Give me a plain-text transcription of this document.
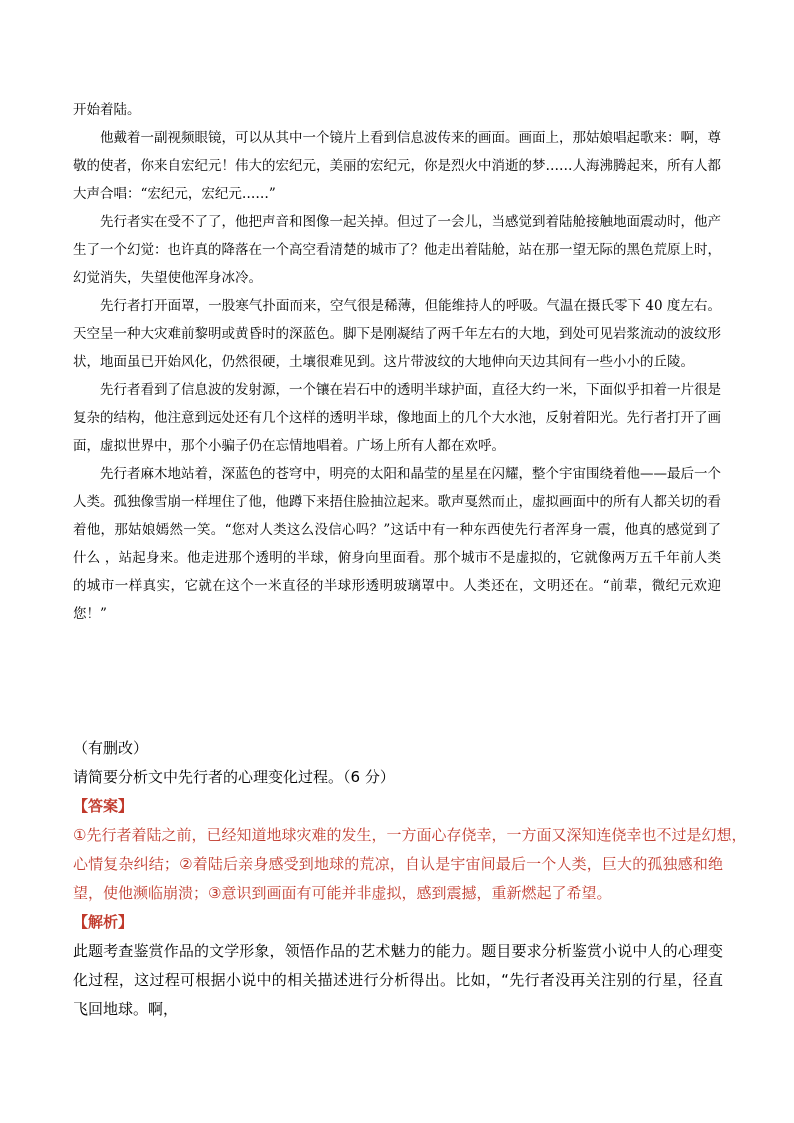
开始着陆。

他戴着一副视频眼镜，可以从其中一个镜片上看到信息波传来的画面。画面上，那姑娘唱起歌来：啊，尊敬的使者，你来自宏纪元！伟大的宏纪元，美丽的宏纪元，你是烈火中消逝的梦……人海沸腾起来，所有人都大声合唱：“宏纪元，宏纪元……”

先行者实在受不了了，他把声音和图像一起关掉。但过了一会儿，当感觉到着陆舱接触地面震动时，他产生了一个幻觉：也许真的降落在一个高空看清楚的城市了？他走出着陆舱，站在那一望无际的黑色荒原上时，幻觉消失，失望使他浑身冰冷。

先行者打开面罩，一股寒气扑面而来，空气很是稀薄，但能维持人的呼吸。气温在摄氏零下 40 度左右。天空呈一种大灾难前黎明或黄昏时的深蓝色。脚下是刚凝结了两千年左右的大地，到处可见岩浆流动的波纹形状，地面虽已开始风化，仍然很硬，土壤很难见到。这片带波纹的大地伸向天边其间有一些小小的丘陵。

先行者看到了信息波的发射源，一个镶在岩石中的透明半球护面，直径大约一米，下面似乎扣着一片很是复杂的结构，他注意到远处还有几个这样的透明半球，像地面上的几个大水池，反射着阳光。先行者打开了画面，虚拟世界中，那个小骗子仍在忘情地唱着。广场上所有人都在欢呼。

先行者麻木地站着，深蓝色的苍穹中，明亮的太阳和晶莹的星星在闪耀，整个宇宙围绕着他——最后一个人类。孤独像雪崩一样埋住了他，他蹲下来捂住脸抽泣起来。歌声戛然而止，虚拟画面中的所有人都关切的看着他，那姑娘嫣然一笑。“您对人类这么没信心吗？”这话中有一种东西使先行者浑身一震，他真的感觉到了什么 ，站起身来。他走进那个透明的半球，俯身向里面看。那个城市不是虚拟的，它就像两万五千年前人类的城市一样真实，它就在这个一米直径的半球形透明玻璃罩中。人类还在，文明还在。“前辈，微纪元欢迎您！”

（有删改）

请简要分析文中先行者的心理变化过程。（6 分）

【答案】

①先行者着陆之前，已经知道地球灾难的发生，一方面心存侥幸，一方面又深知连侥幸也不过是幻想，

心情复杂纠结；②着陆后亲身感受到地球的荒凉，自认是宇宙间最后一个人类，巨大的孤独感和绝望，使他濒临崩溃；③意识到画面有可能并非虚拟，感到震撼，重新燃起了希望。

【解析】

此题考查鉴赏作品的文学形象，领悟作品的艺术魅力的能力。题目要求分析鉴赏小说中人的心理变化过程，这过程可根据小说中的相关描述进行分析得出。比如，“先行者没再关注别的行星，径直飞回地球。啊，
